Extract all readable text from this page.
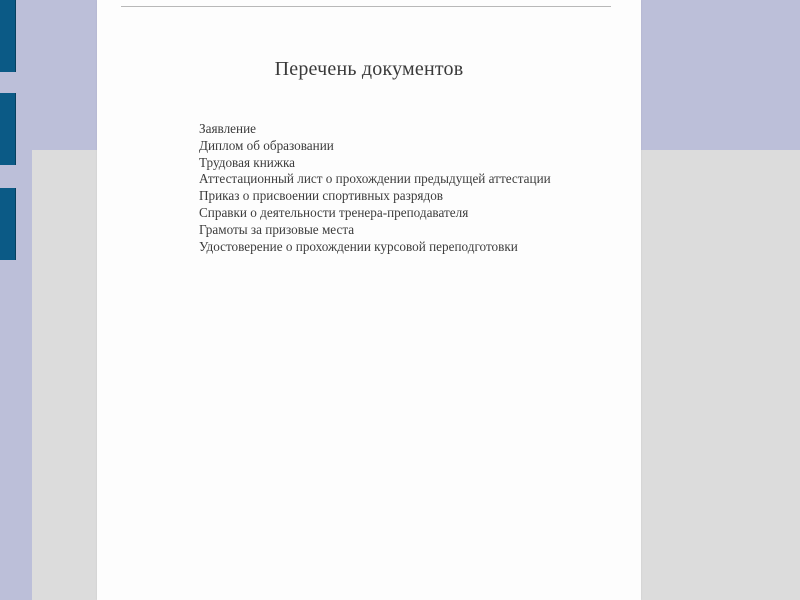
Перечень документов
Заявление
Диплом об образовании
Трудовая книжка
Аттестационный лист о прохождении предыдущей аттестации
Приказ о присвоении спортивных разрядов
Справки о деятельности тренера-преподавателя
Грамоты за призовые места
Удостоверение о прохождении курсовой переподготовки
